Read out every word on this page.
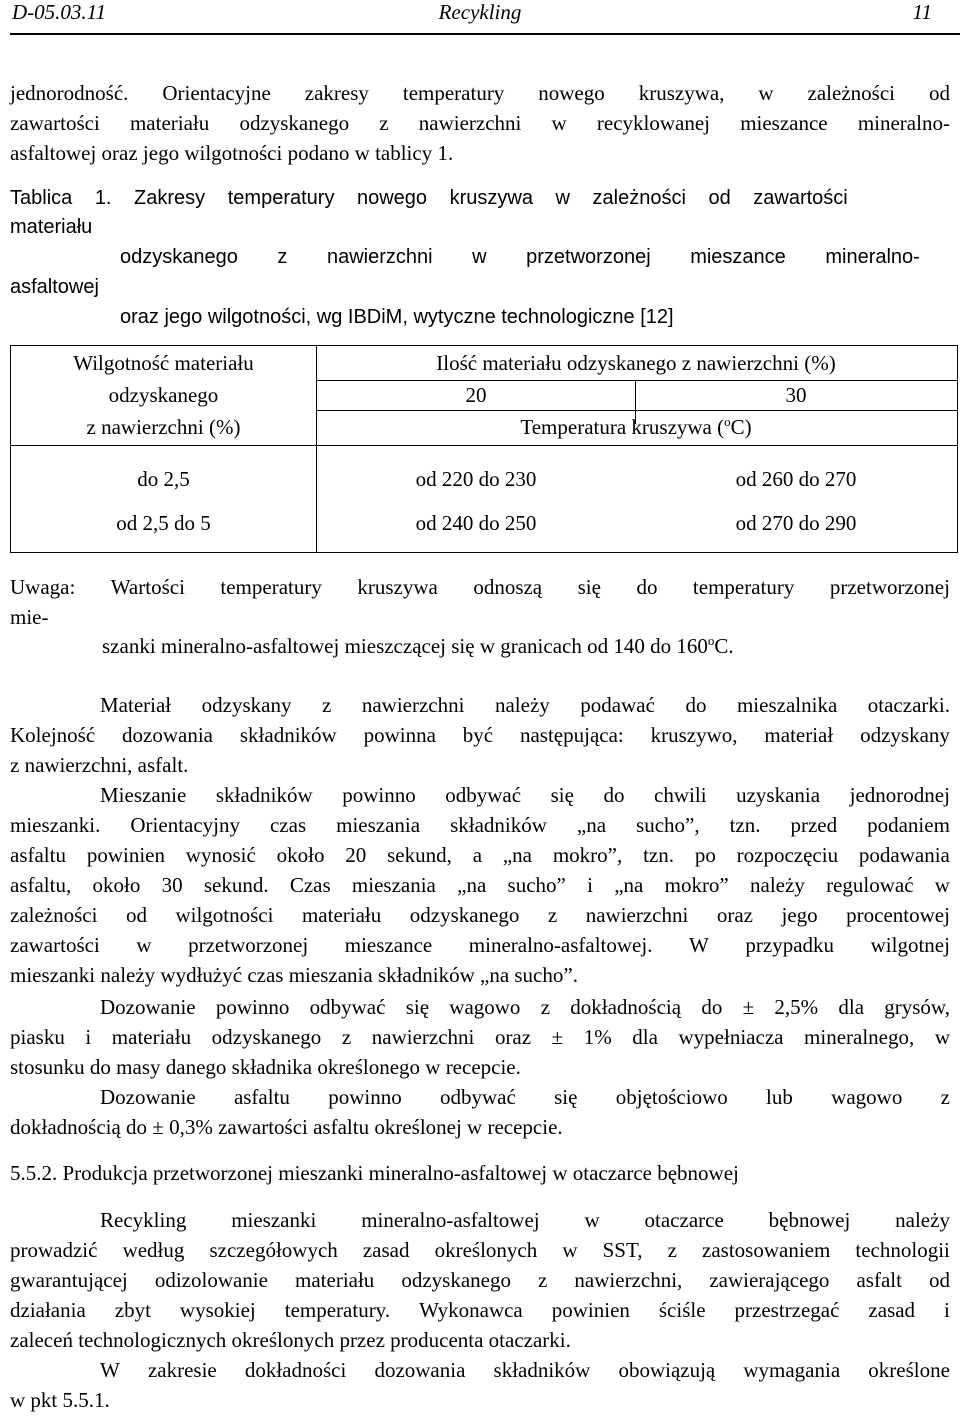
D-05.03.11	Recykling	11
jednorodność. Orientacyjne zakresy temperatury nowego kruszywa, w zależności od
zawartości materiału odzyskanego z nawierzchni w recyklowanej mieszance mineralno-
asfaltowej oraz jego wilgotności podano w tablicy 1.
Tablica 1. Zakresy temperatury nowego kruszywa w zależności od zawartości
materiału
odzyskanego z nawierzchni w przetworzonej mieszance mineralno-
asfaltowej
oraz jego wilgotności, wg IBDiM, wytyczne technologiczne [12]
Wilgotność materiału
odzyskanego
z nawierzchni (%)
Ilość materiału odzyskanego z nawierzchni (%)
20	30
Temperatura kruszywa ($^o$C)
do 2,5	od 220 do 230	od 260 do 270
od 2,5 do 5	od 240 do 250	od 270 do 290
Uwaga: Wartości temperatury kruszywa odnoszą się do temperatury przetworzonej
mie-
szanki mineralno-asfaltowej mieszczącej się w granicach od 140 do 160$^o$C.
Materiał odzyskany z nawierzchni należy podawać do mieszalnika otaczarki.
Kolejność dozowania składników powinna być następująca: kruszywo, materiał odzyskany
z nawierzchni, asfalt.
Mieszanie składników powinno odbywać się do chwili uzyskania jednorodnej
mieszanki. Orientacyjny czas mieszania składników „na sucho”, tzn. przed podaniem
asfaltu powinien wynosić około 20 sekund, a „na mokro”, tzn. po rozpoczęciu podawania
asfaltu, około 30 sekund. Czas mieszania „na sucho” i „na mokro” należy regulować w
zależności od wilgotności materiału odzyskanego z nawierzchni oraz jego procentowej
zawartości w przetworzonej mieszance mineralno-asfaltowej. W przypadku wilgotnej
mieszanki należy wydłużyć czas mieszania składników „na sucho”.
Dozowanie powinno odbywać się wagowo z dokładnością do ± 2,5% dla grysów,
piasku i materiału odzyskanego z nawierzchni oraz ± 1% dla wypełniacza mineralnego, w
stosunku do masy danego składnika określonego w recepcie.
Dozowanie asfaltu powinno odbywać się objętościowo lub wagowo z
dokładnością do ± 0,3% zawartości asfaltu określonej w recepcie.
5.5.2. Produkcja przetworzonej mieszanki mineralno-asfaltowej w otaczarce bębnowej
Recykling mieszanki mineralno-asfaltowej w otaczarce bębnowej należy
prowadzić według szczegółowych zasad określonych w SST, z zastosowaniem technologii
gwarantującej odizolowanie materiału odzyskanego z nawierzchni, zawierającego asfalt od
działania zbyt wysokiej temperatury. Wykonawca powinien ściśle przestrzegać zasad i
zaleceń technologicznych określonych przez producenta otaczarki.
W zakresie dokładności dozowania składników obowiązują wymagania określone
w pkt 5.5.1.
